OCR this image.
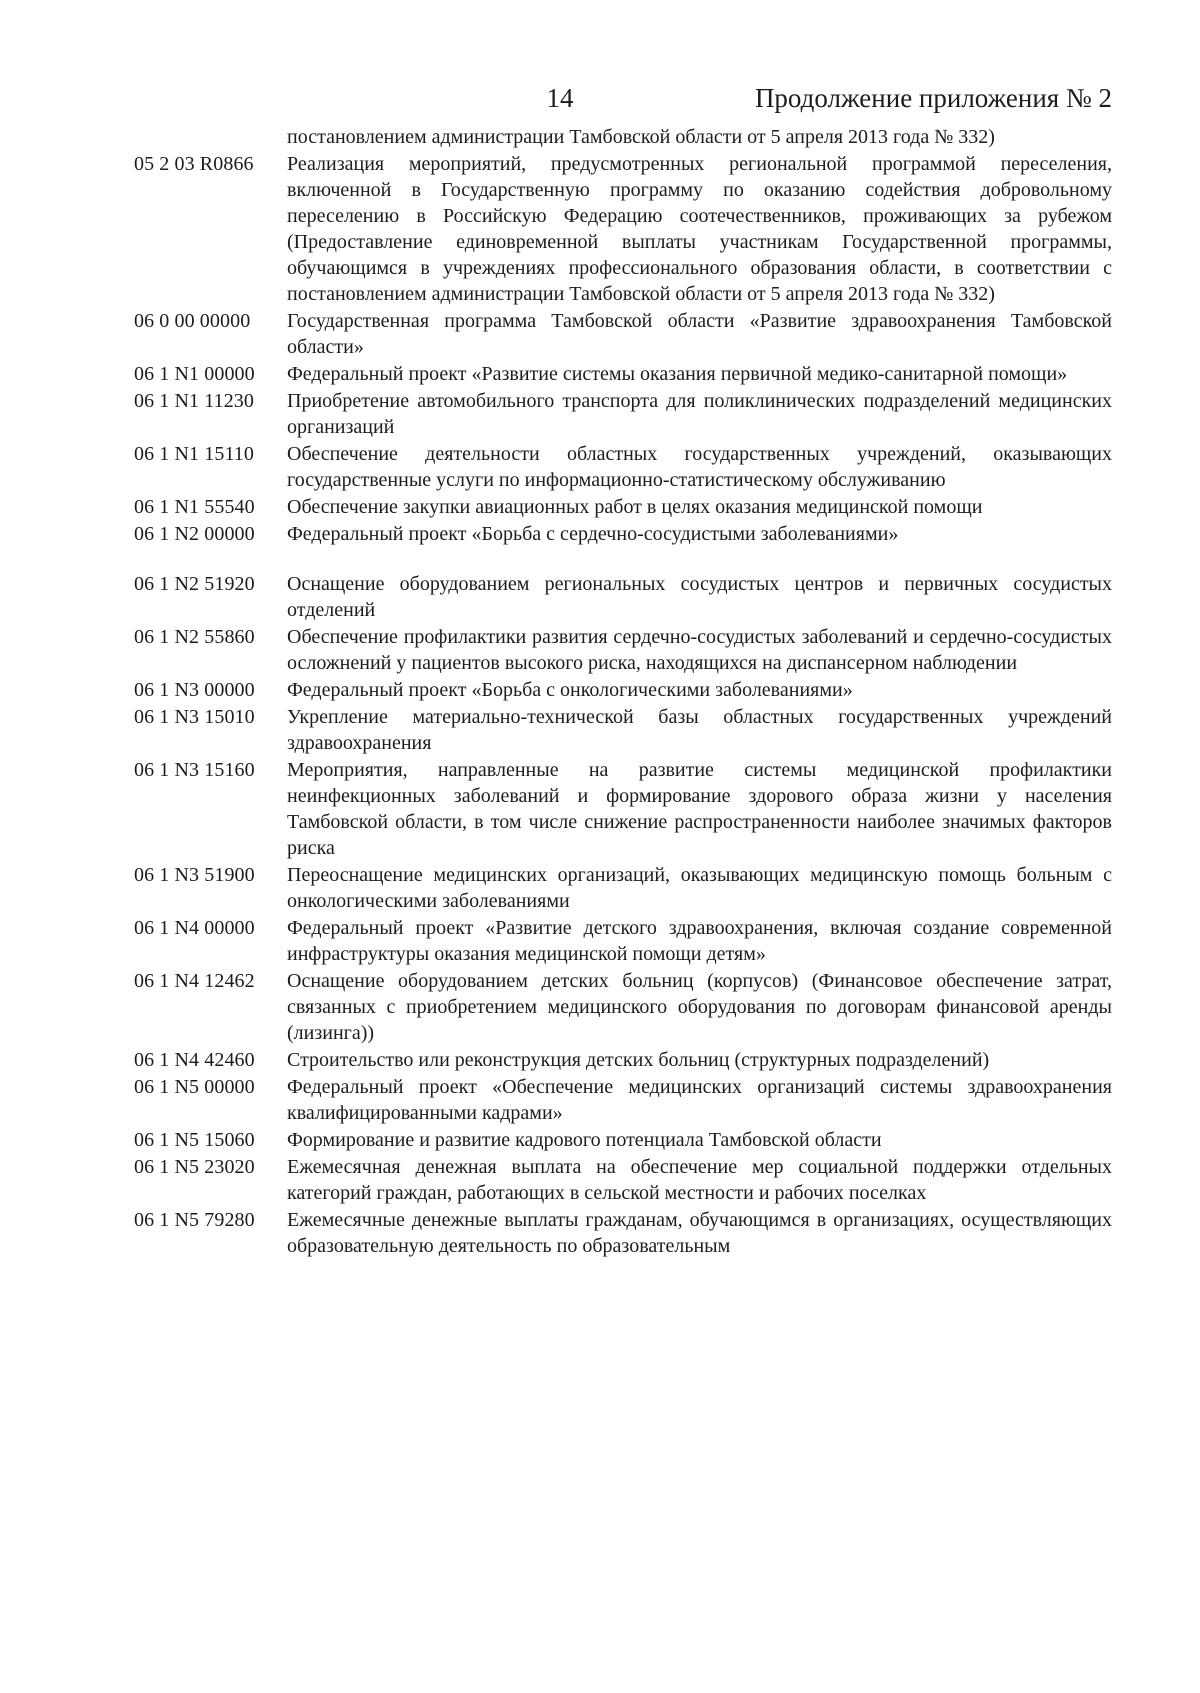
14	Продолжение приложения № 2
постановлением администрации Тамбовской области от 5 апреля 2013 года № 332)
05 2 03 R0866	Реализация мероприятий, предусмотренных региональной программой переселения, включенной в Государственную программу по оказанию содействия добровольному переселению в Российскую Федерацию соотечественников, проживающих за рубежом (Предоставление единовременной выплаты участникам Государственной программы, обучающимся в учреждениях профессионального образования области, в соответствии с постановлением администрации Тамбовской области от 5 апреля 2013 года № 332)
06 0 00 00000	Государственная программа Тамбовской области «Развитие здравоохранения Тамбовской области»
06 1 N1 00000	Федеральный проект «Развитие системы оказания первичной медико-санитарной помощи»
06 1 N1 11230	Приобретение автомобильного транспорта для поликлинических подразделений медицинских организаций
06 1 N1 15110	Обеспечение деятельности областных государственных учреждений, оказывающих государственные услуги по информационно-статистическому обслуживанию
06 1 N1 55540	Обеспечение закупки авиационных работ в целях оказания медицинской помощи
06 1 N2 00000	Федеральный проект «Борьба с сердечно-сосудистыми заболеваниями»
06 1 N2 51920	Оснащение оборудованием региональных сосудистых центров и первичных сосудистых отделений
06 1 N2 55860	Обеспечение профилактики развития сердечно-сосудистых заболеваний и сердечно-сосудистых осложнений у пациентов высокого риска, находящихся на диспансерном наблюдении
06 1 N3 00000	Федеральный проект «Борьба с онкологическими заболеваниями»
06 1 N3 15010	Укрепление материально-технической базы областных государственных учреждений здравоохранения
06 1 N3 15160	Мероприятия, направленные на развитие системы медицинской профилактики неинфекционных заболеваний и формирование здорового образа жизни у населения Тамбовской области, в том числе снижение распространенности наиболее значимых факторов риска
06 1 N3 51900	Переоснащение медицинских организаций, оказывающих медицинскую помощь больным с онкологическими заболеваниями
06 1 N4 00000	Федеральный проект «Развитие детского здравоохранения, включая создание современной инфраструктуры оказания медицинской помощи детям»
06 1 N4 12462	Оснащение оборудованием детских больниц (корпусов) (Финансовое обеспечение затрат, связанных с приобретением медицинского оборудования по договорам финансовой аренды (лизинга))
06 1 N4 42460	Строительство или реконструкция детских больниц (структурных подразделений)
06 1 N5 00000	Федеральный проект «Обеспечение медицинских организаций системы здравоохранения квалифицированными кадрами»
06 1 N5 15060	Формирование и развитие кадрового потенциала Тамбовской области
06 1 N5 23020	Ежемесячная денежная выплата на обеспечение мер социальной поддержки отдельных категорий граждан, работающих в сельской местности и рабочих поселках
06 1 N5 79280	Ежемесячные денежные выплаты гражданам, обучающимся в организациях, осуществляющих образовательную деятельность по образовательным
